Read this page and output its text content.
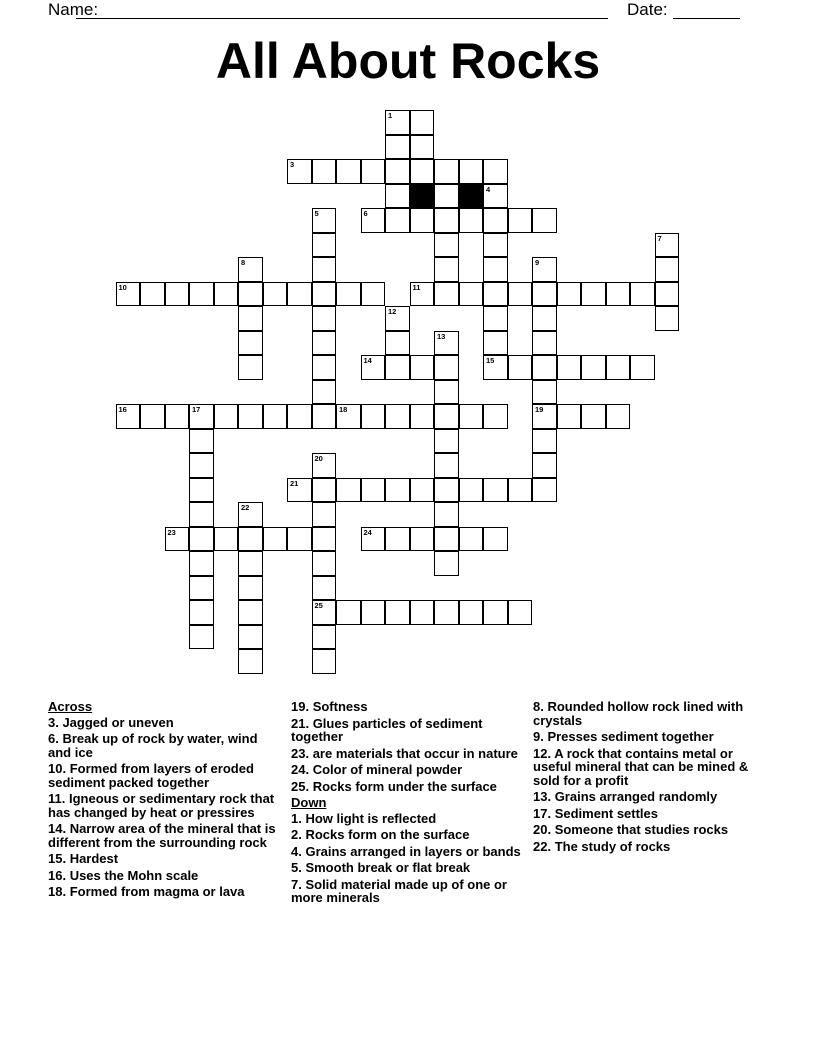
Name:	Date:
All About Rocks
1
3
4
6
5
7
8	9
19
10	11
12
13
14	15
16	17	18
20
25
21
22
23	24
Across
3. Jagged or uneven
6. Break up of rock by water, wind and ice
10. Formed from layers of eroded sediment packed together
11. Igneous or sedimentary rock that has changed by heat or pressires
14. Narrow area of the mineral that is different from the surrounding rock
15. Hardest
16. Uses the Mohn scale
18. Formed from magma or lava
19. Softness
21. Glues particles of sediment together
23. are materials that occur in nature
24. Color of mineral powder
25. Rocks form under the surface
Down
1. How light is reflected
2. Rocks form on the surface
4. Grains arranged in layers or bands
5. Smooth break or flat break
7. Solid material made up of one or more minerals
8. Rounded hollow rock lined with crystals
9. Presses sediment together
12. A rock that contains metal or useful mineral that can be mined & sold for a profit
13. Grains arranged randomly
17. Sediment settles
20. Someone that studies rocks
22. The study of rocks
